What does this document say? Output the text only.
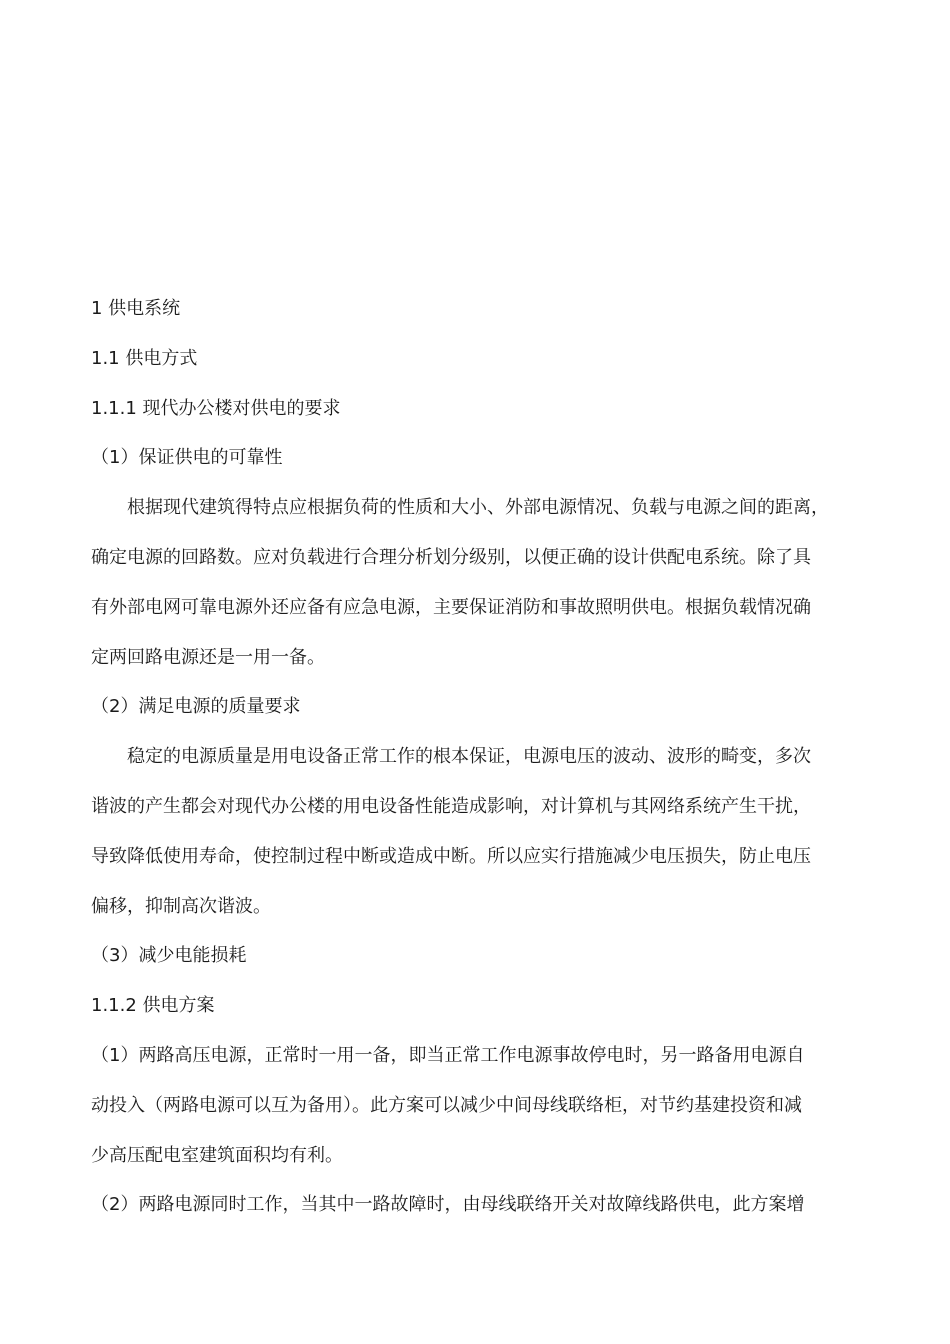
1 供电系统

1.1 供电方式

1.1.1 现代办公楼对供电的要求

（1）保证供电的可靠性

根据现代建筑得特点应根据负荷的性质和大小、外部电源情况、负载与电源之间的距离，

确定电源的回路数。应对负载进行合理分析划分级别，以便正确的设计供配电系统。除了具

有外部电网可靠电源外还应备有应急电源，主要保证消防和事故照明供电。根据负载情况确

定两回路电源还是一用一备。

（2）满足电源的质量要求

稳定的电源质量是用电设备正常工作的根本保证，电源电压的波动、波形的畸变，多次

谐波的产生都会对现代办公楼的用电设备性能造成影响，对计算机与其网络系统产生干扰，

导致降低使用寿命，使控制过程中断或造成中断。所以应实行措施减少电压损失，防止电压

偏移，抑制高次谐波。

（3）减少电能损耗

1.1.2 供电方案

（1）两路高压电源，正常时一用一备，即当正常工作电源事故停电时，另一路备用电源自

动投入（两路电源可以互为备用）。此方案可以减少中间母线联络柜，对节约基建投资和减

少高压配电室建筑面积均有利。

（2）两路电源同时工作，当其中一路故障时，由母线联络开关对故障线路供电，此方案增
